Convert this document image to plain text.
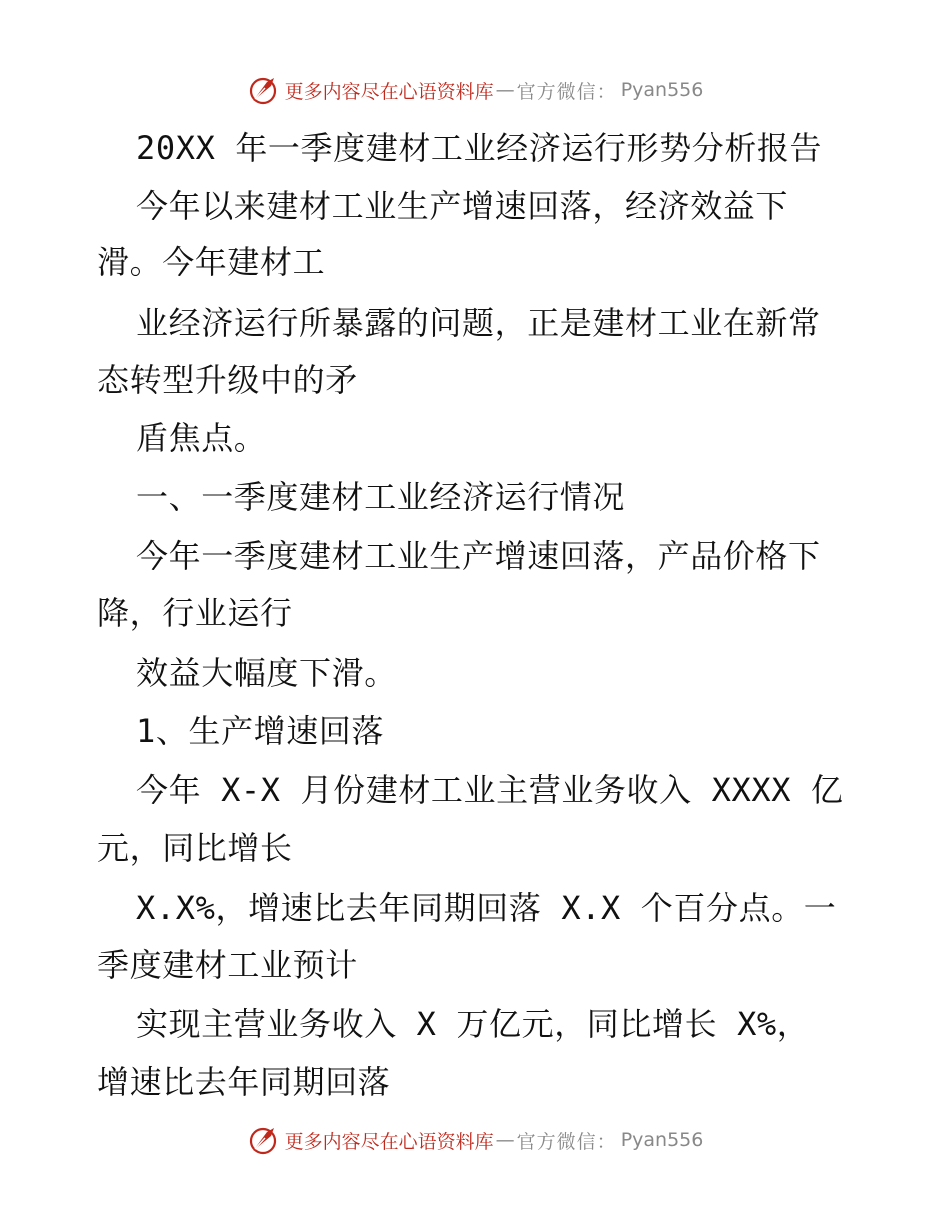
更多内容尽在心语资料库 — 官方微信： Pyan556
20XX 年一季度建材工业经济运行形势分析报告
今年以来建材工业生产增速回落，经济效益下
滑。今年建材工
业经济运行所暴露的问题，正是建材工业在新常
态转型升级中的矛
盾焦点。
一、一季度建材工业经济运行情况
今年一季度建材工业生产增速回落，产品价格下
降，行业运行
效益大幅度下滑。
1、生产增速回落
今年 X-X 月份建材工业主营业务收入 XXXX 亿
元，同比增长
X.X%，增速比去年同期回落 X.X 个百分点。一
季度建材工业预计
实现主营业务收入 X 万亿元，同比增长 X%，
增速比去年同期回落
更多内容尽在心语资料库 — 官方微信： Pyan556
